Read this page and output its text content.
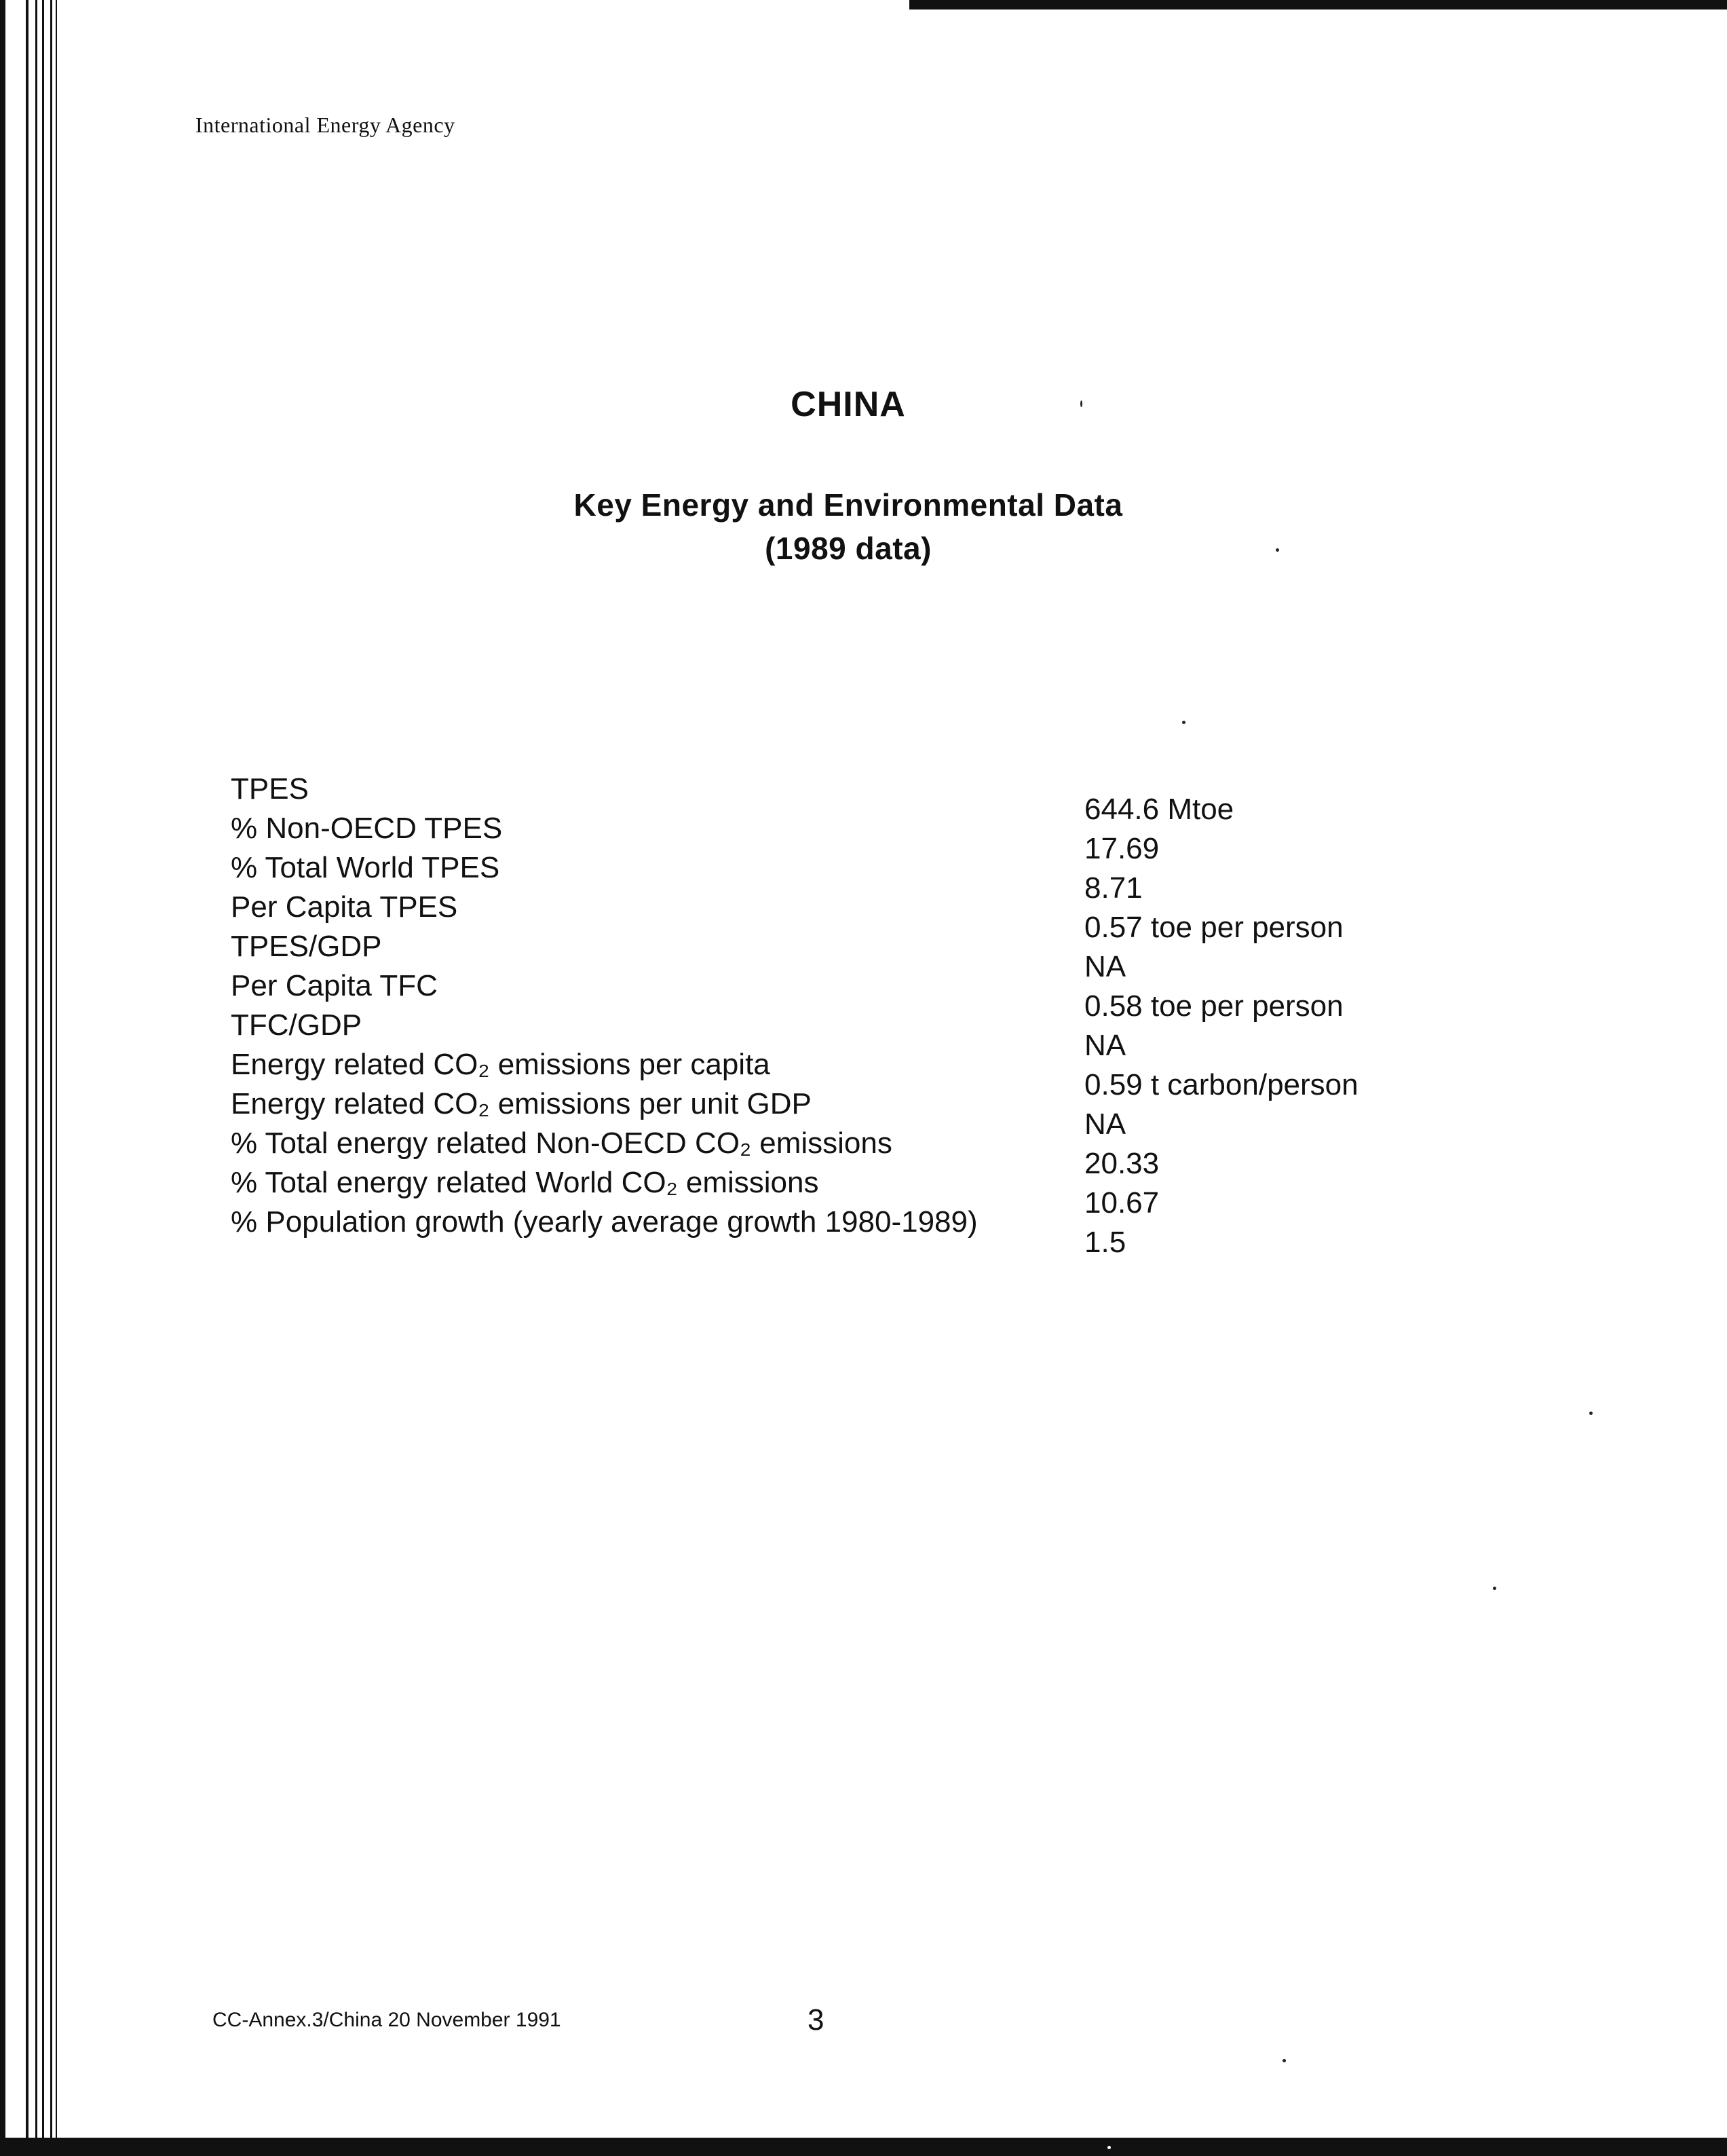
International Energy Agency
CHINA
Key Energy and Environmental Data
(1989 data)
TPES
644.6 Mtoe
% Non-OECD TPES
17.69
% Total World TPES
8.71
Per Capita TPES
0.57 toe per person
TPES/GDP
NA
Per Capita TFC
0.58 toe per person
TFC/GDP
NA
Energy related CO₂ emissions per capita
0.59 t carbon/person
Energy related CO₂ emissions per unit GDP
NA
% Total energy related Non-OECD CO₂ emissions
20.33
% Total energy related World CO₂ emissions
10.67
% Population growth (yearly average growth 1980-1989)
1.5
CC-Annex.3/China 20 November 1991	3
